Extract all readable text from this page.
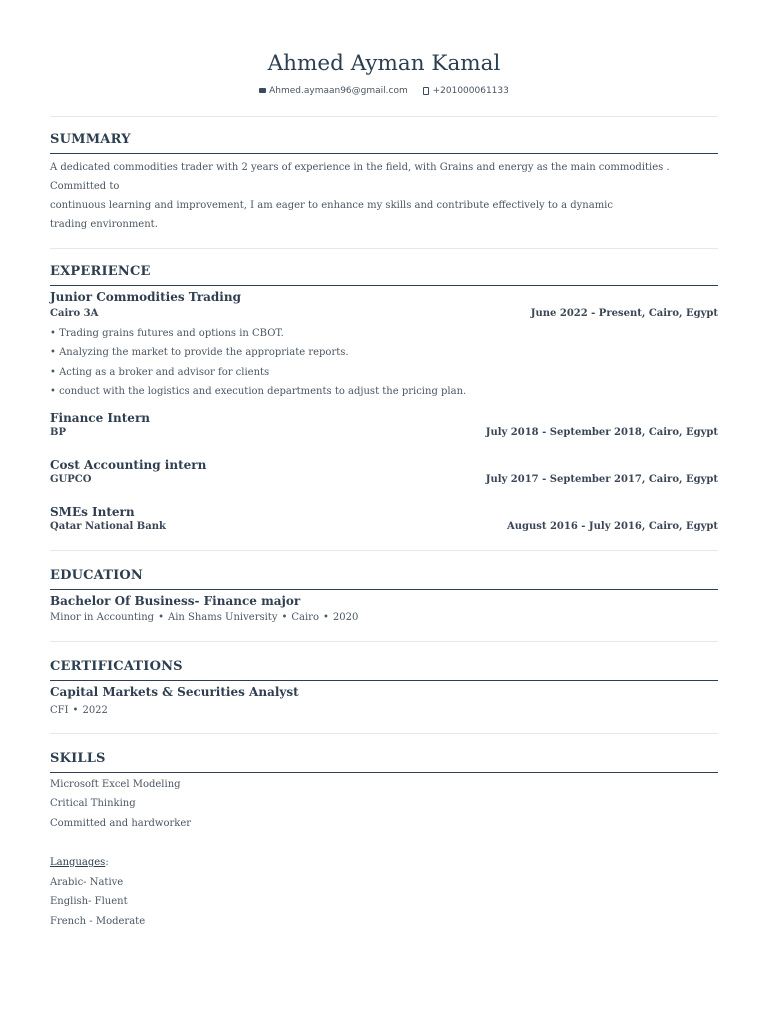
Ahmed Ayman Kamal
Ahmed.aymaan96@gmail.com	+201000061133
SUMMARY
A dedicated commodities trader with 2 years of experience in the field, with Grains and energy as the main commodities . Committed to
continuous learning and improvement, I am eager to enhance my skills and contribute effectively to a dynamic
trading environment.
EXPERIENCE
Junior Commodities Trading
Cairo 3A	June 2022 - Present, Cairo, Egypt
• Trading grains futures and options in CBOT.
• Analyzing the market to provide the appropriate reports.
• Acting as a broker and advisor for clients
• conduct with the logistics and execution departments to adjust the pricing plan.
Finance Intern
BP	July 2018 - September 2018, Cairo, Egypt
Cost Accounting intern
GUPCO	July 2017 - September 2017, Cairo, Egypt
SMEs Intern
Qatar National Bank	August 2016 - July 2016, Cairo, Egypt
EDUCATION
Bachelor Of Business- Finance major
Minor in Accounting • Ain Shams University • Cairo • 2020
CERTIFICATIONS
Capital Markets & Securities Analyst
CFI • 2022
SKILLS
Microsoft Excel Modeling
Critical Thinking
Committed and hardworker
Languages:
Arabic- Native
English- Fluent
French - Moderate
